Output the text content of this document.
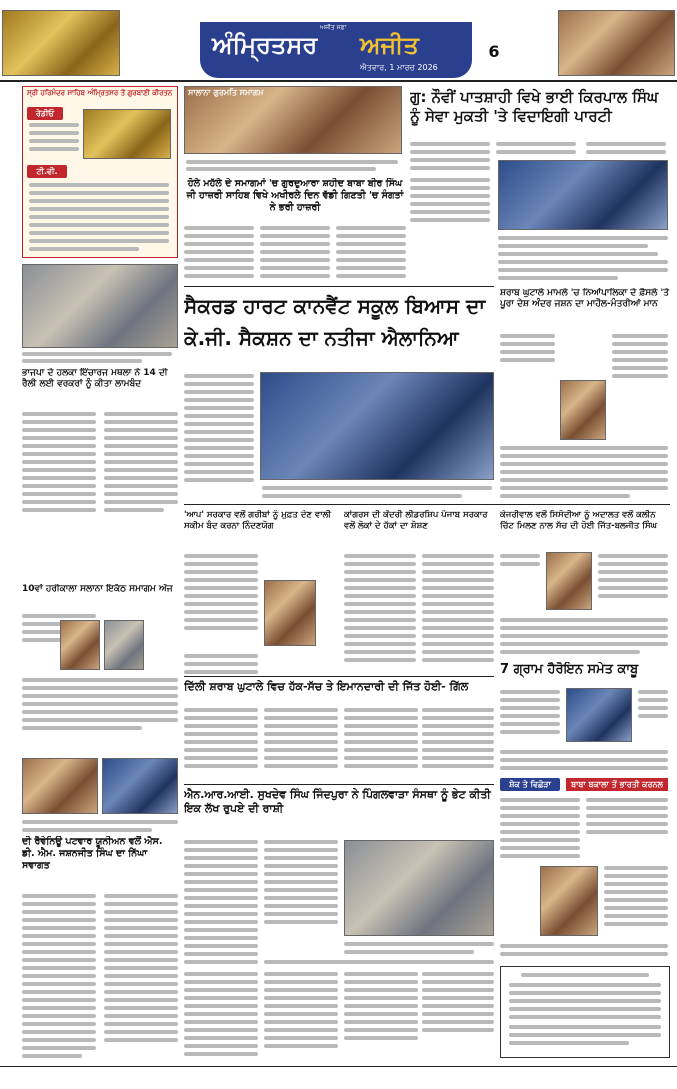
ਅਜੀਤ ਸਫ਼ਾ
ਅੰਮ੍ਰਿਤਸਰ	ਅਜੀਤ
ਐਤਵਾਰ, 1 ਮਾਰਚ 2026
6
ਸ੍ਰੀ ਹਰਿਮੰਦਰ ਸਾਹਿਬ ਅੰਮ੍ਰਿਤਸਰ ਤੋਂ ਗੁਰਬਾਣੀ ਕੀਰਤਨ
ਰੇਡੀਓ
ਟੀ.ਵੀ.
ਸਾਲਾਨਾ ਗੁਰਮਤਿ ਸਮਾਗਮ	ਗੁ: ਨੌਵੀਂ ਪਾਤਸ਼ਾਹੀ ਵਿਖੇ ਭਾਈ ਕਿਰਪਾਲ ਸਿੰਘ ਨੂੰ ਸੇਵਾ ਮੁਕਤੀ 'ਤੇ ਵਿਦਾਇਗੀ ਪਾਰਟੀ
ਹੋਲੇ ਮਹੱਲੇ ਦੇ ਸਮਾਗਮਾਂ 'ਚ ਗੁਰਦੁਆਰਾ ਸ਼ਹੀਦ ਬਾਬਾ ਬੀਰ ਸਿੰਘ ਜੀ ਹਾਜ਼ਰੀ ਸਾਹਿਬ ਵਿਖੇ ਅਖੀਰਲੇ ਦਿਨ ਵੱਡੀ ਗਿਣਤੀ 'ਚ ਸੰਗਤਾਂ ਨੇ ਭਰੀ ਹਾਜ਼ਰੀ
ਸੈਕਰਡ ਹਾਰਟ ਕਾਨਵੈਂਟ ਸਕੂਲ ਬਿਆਸ ਦਾ ਕੇ.ਜੀ. ਸੈਕਸ਼ਨ ਦਾ ਨਤੀਜਾ ਐਲਾਨਿਆ
ਸ਼ਰਾਬ ਘੁਟਾਲੇ ਮਾਮਲੇ 'ਚ ਨਿਆਂਪਾਲਿਕਾ ਦੇ ਫ਼ੈਸਲੇ 'ਤੇ ਪੂਰਾ ਦੇਸ਼ ਅੰਦਰ ਜਸ਼ਨ ਦਾ ਮਾਹੌਲ-ਮੰਤਰੀਆਂ ਮਾਨ
ਭਾਜਪਾ ਦੇ ਹਲਕਾ ਇੰਚਾਰਜ ਮਥਲਾ ਨੇ 14 ਦੀ ਰੈਲੀ ਲਈ ਵਰਕਰਾਂ ਨੂੰ ਕੀਤਾ ਲਾਮਬੰਦ
'ਆਪ' ਸਰਕਾਰ ਵਲੋਂ ਗਰੀਬਾਂ ਨੂੰ ਮੁਫ਼ਤ ਦੇਣ ਵਾਲੀ ਸਕੀਮ ਬੰਦ ਕਰਨਾ ਨਿੰਦਣਯੋਗ
ਕਾਂਗਰਸ ਦੀ ਕੇਂਦਰੀ ਲੀਡਰਸ਼ਿਪ ਪੰਜਾਬ ਸਰਕਾਰ ਵਲੋਂ ਲੋਕਾਂ ਦੇ ਹੱਕਾਂ ਦਾ ਸ਼ੋਸ਼ਣ
ਕੇਜਰੀਵਾਲ ਵਲੋਂ ਸਿਸੋਦੀਆ ਨੂੰ ਅਦਾਲਤ ਵਲੋਂ ਕਲੀਨ ਚਿੱਟ ਮਿਲਣ ਨਾਲ ਸੱਚ ਦੀ ਹੋਈ ਜਿੱਤ-ਬਲਜੀਤ ਸਿੰਘ
10ਵਾਂ ਹਰੀਕਾਲਾ ਸਲਾਨਾ ਇਕੱਠ ਸਮਾਗਮ ਅੱਜ
ਦਿੱਲੀ ਸ਼ਰਾਬ ਘੁਟਾਲੇ ਵਿਚ ਹੱਕ-ਸੱਚ ਤੇ ਇਮਾਨਦਾਰੀ ਦੀ ਜਿੱਤ ਹੋਈ- ਗਿੱਲ
7 ਗ੍ਰਾਮ ਹੈਰੋਇਨ ਸਮੇਤ ਕਾਬੂ
ਐਨ.ਆਰ.ਆਈ. ਸੁਖਦੇਵ ਸਿੰਘ ਜਿੰਦਪੁਰਾ ਨੇ ਪਿੰਗਲਵਾੜਾ ਸੰਸਥਾ ਨੂੰ ਭੇਟ ਕੀਤੀ ਇਕ ਲੱਖ ਰੁਪਏ ਦੀ ਰਾਸ਼ੀ
ਦੀ ਰੈਵੇਨਿਊ ਪਟਵਾਰ ਯੂਨੀਅਨ ਵਲੋਂ ਐਸ. ਡੀ. ਐਮ. ਜਸ਼ਨਜੀਤ ਸਿੰਘ ਦਾ ਨਿੱਘਾ ਸਵਾਗਤ
ਸ਼ੋਕ ਤੇ ਵਿਛੋੜਾ	ਬਾਬਾ ਬਕਾਲਾ ਤੋਂ ਭਾਰਤੀ ਕਰਨਲ
